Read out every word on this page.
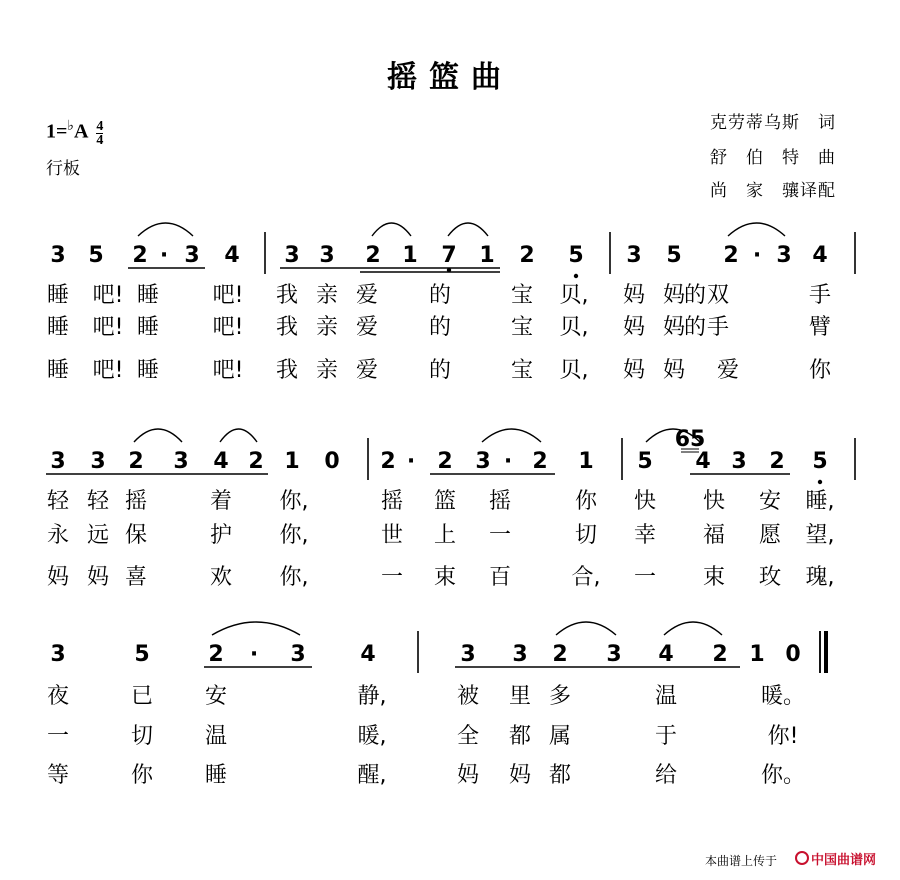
摇篮曲
$1=^♭A \frac{4}{4}$
行板
克劳蒂乌斯　词
舒　伯　特　曲
尚　家　骧译配
3 5 2 · 3 4 3 3 2 1 7 1 2 5 3 5 2 · 3 4
睡 吧! 睡 吧! 我 亲 爱 的	宝 贝, 妈 妈
的 双	手
睡 吧! 睡 吧! 我 亲 爱 的	宝 贝, 妈 妈
的 手	臂
睡 吧! 睡 吧! 我 亲 爱 的	宝 贝, 妈 妈 爱	你
3 3 2 3 4 2 1 0 2 · 2 3 · 2 1 5 4 3 2 5
65
轻 轻 摇	着 你,	摇 篮 摇	你 快 快 安 睡,
永 远 保	护 你,	世 上 一	切 幸 福 愿 望,
妈 妈 喜	欢 你,	一 束 百	合, 一 束 玫 瑰,
3	5	2 · 3 4	3 3 2 3 4 2 1 0
夜	已 安	静,	被 里 多	温	暖。
一	切 温	暖,	全 都 属	于	你!
等	你 睡	醒,	妈 妈 都	给	你。
本曲谱上传于	中国曲谱网
